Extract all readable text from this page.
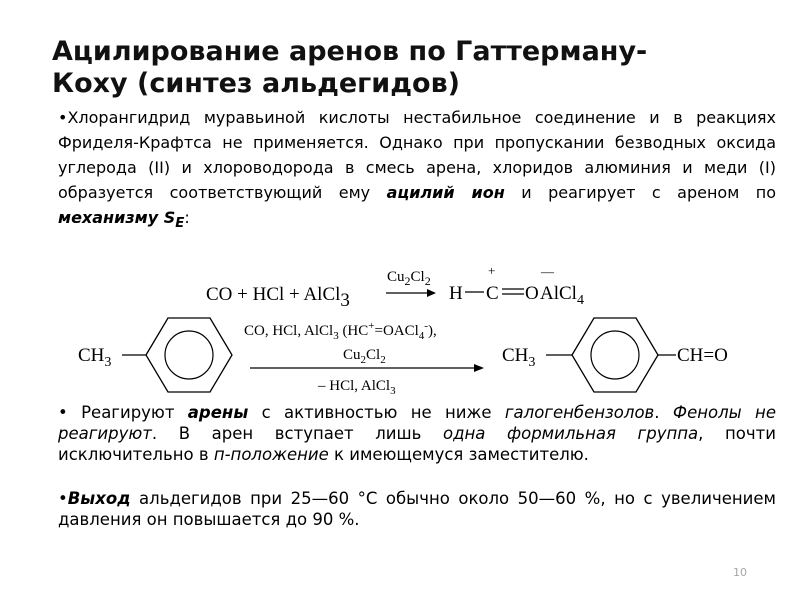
Ацилирование аренов по Гаттерману-
Коху (синтез альдегидов)
•Хлорангидрид муравьиной кислоты нестабильное соединение и в реакциях Фриделя-Крафтса не применяется. Однако при пропускании безводных оксида углерода (II) и хлороводорода в смесь арена, хлоридов алюминия и меди (I) образуется соответствующий ему ацилий ион и реагирует с ареном по механизму $S_E$:
CO + HCl + AlCl3
$Cu_2Cl_2$
H C
+
O
—
AlCl$_4$
$CH_3$
CO, HCl, AlCl$_3$ (HC+=OAСl$_4$-),
$Cu_2Cl_2$
– HCl, AlCl$_3$
$CH_3$	CH=O
• Реагируют арены с активностью не ниже галогенбензолов. Фенолы не реагируют. В арен вступает лишь одна формильная группа, почти исключительно в п-положение к имеющемуся заместителю.
•Выход альдегидов при 25—60 °С обычно около 50—60 %, но с увеличением давления он повышается до 90 %.
10
